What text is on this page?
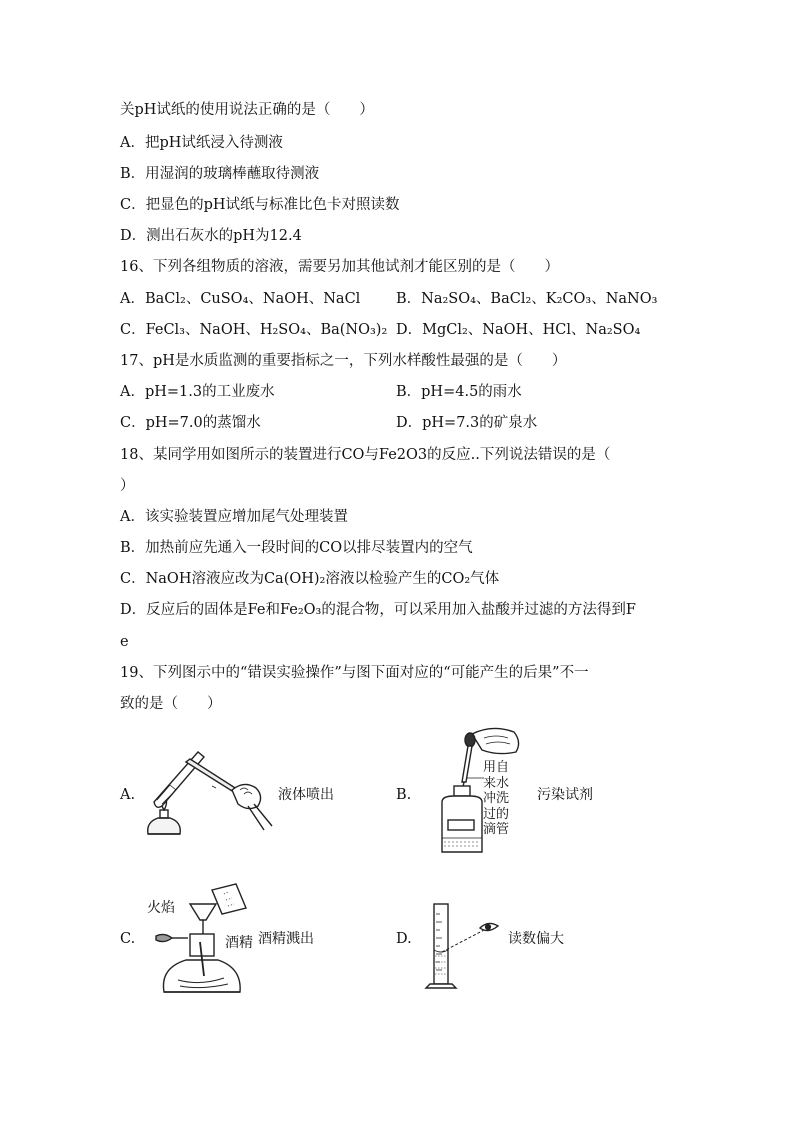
关pH试纸的使用说法正确的是（　　）
A．把pH试纸浸入待测液
B．用湿润的玻璃棒蘸取待测液
C．把显色的pH试纸与标准比色卡对照读数
D．测出石灰水的pH为12.4
16、下列各组物质的溶液，需要另加其他试剂才能区别的是（　　）
A．BaCl₂、CuSO₄、NaOH、NaCl B．Na₂SO₄、BaCl₂、K₂CO₃、NaNO₃
C．FeCl₃、NaOH、H₂SO₄、Ba(NO₃)₂ D．MgCl₂、NaOH、HCl、Na₂SO₄
17、pH是水质监测的重要指标之一，下列水样酸性最强的是（　　）
A．pH=1.3的工业废水	B．pH=4.5的雨水
C．pH=7.0的蒸馏水	D．pH=7.3的矿泉水
18、某同学用如图所示的装置进行CO与Fe2O3的反应..下列说法错误的是（
）
A．该实验装置应增加尾气处理装置
B．加热前应先通入一段时间的CO以排尽装置内的空气
C．NaOH溶液应改为Ca(OH)₂溶液以检验产生的CO₂气体
D．反应后的固体是Fe和Fe₂O₃的混合物，可以采用加入盐酸并过滤的方法得到F
e
19、下列图示中的“错误实验操作”与图下面对应的“可能产生的后果”不一
致的是（　　）
A.	液体喷出	B.
用自来水冲洗过的滴管
污染试剂
C.
火焰
酒精 酒精溅出	D.	读数偏大
